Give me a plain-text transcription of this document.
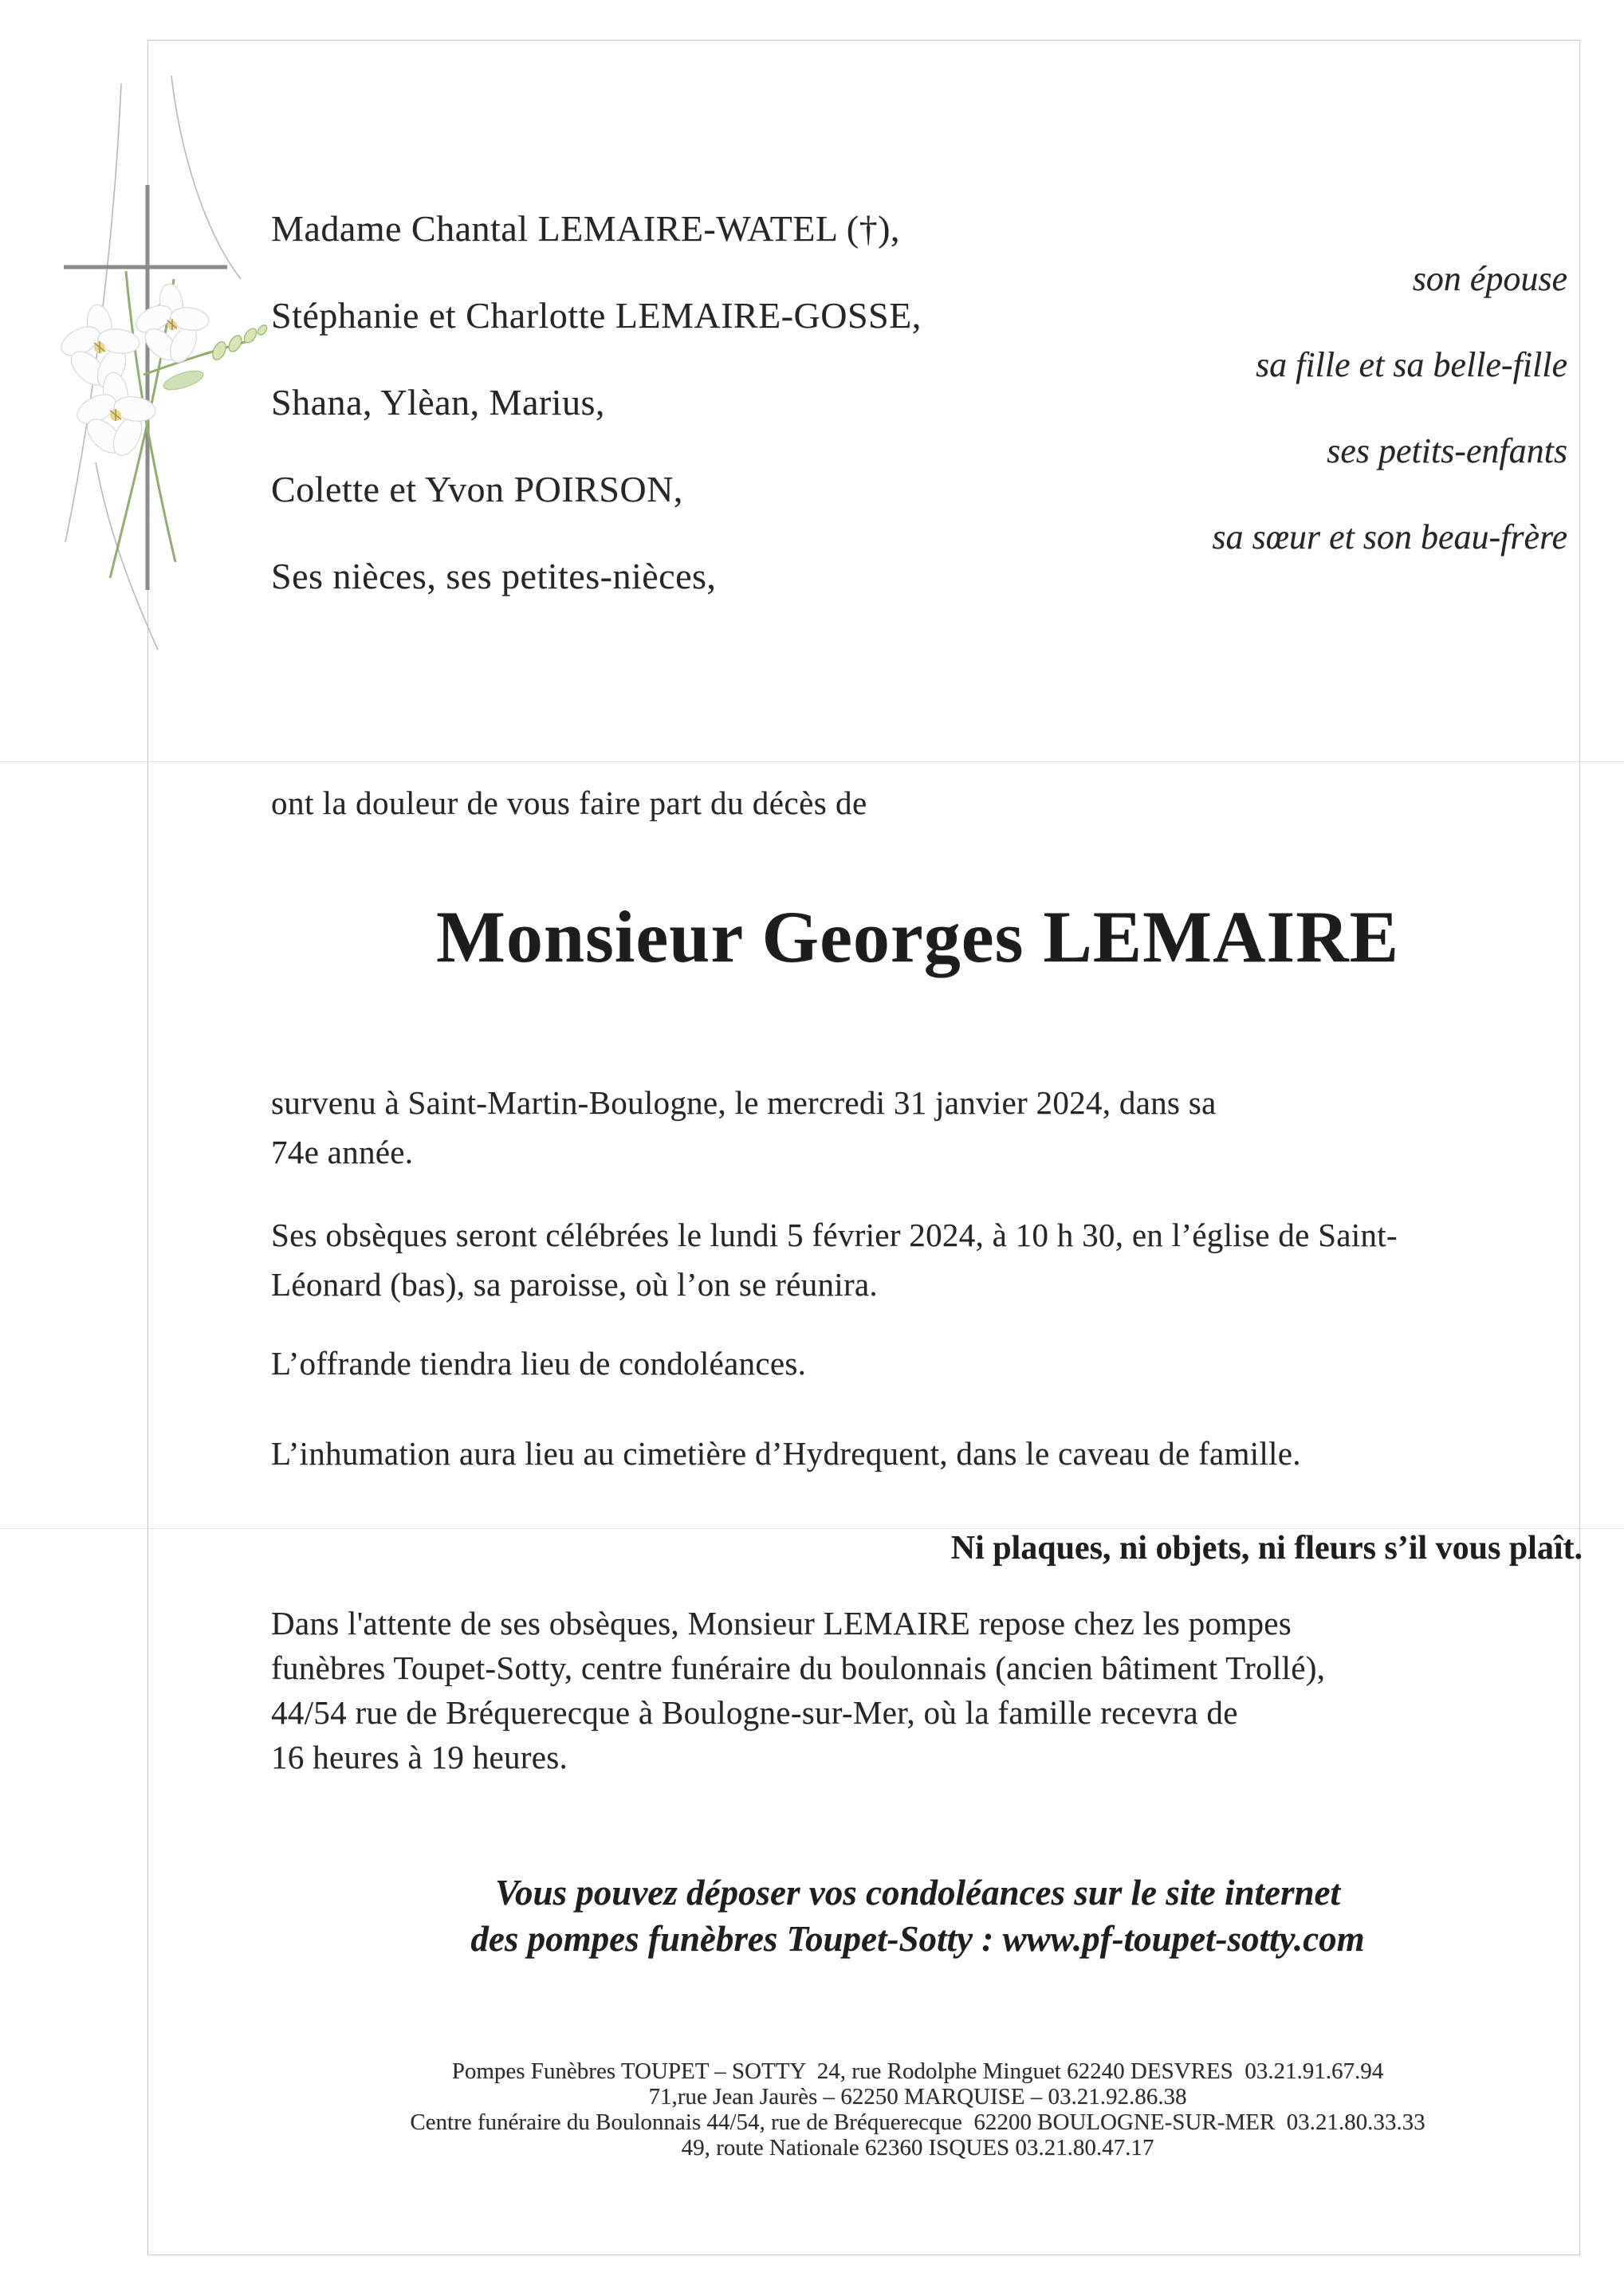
Madame Chantal LEMAIRE-WATEL (†),
Stéphanie et Charlotte LEMAIRE-GOSSE,
Shana, Ylèan, Marius,
Colette et Yvon POIRSON,
Ses nièces, ses petites-nièces,
son épouse
sa fille et sa belle-fille
ses petits-enfants
sa sœur et son beau-frère
ont la douleur de vous faire part du décès de
Monsieur Georges LEMAIRE
survenu à Saint-Martin-Boulogne, le mercredi 31 janvier 2024, dans sa
74e année.
Ses obsèques seront célébrées le lundi 5 février 2024, à 10 h 30, en l’église de Saint-
Léonard (bas), sa paroisse, où l’on se réunira.
L’offrande tiendra lieu de condoléances.
L’inhumation aura lieu au cimetière d’Hydrequent, dans le caveau de famille.
Ni plaques, ni objets, ni fleurs s’il vous plaît.
Dans l'attente de ses obsèques, Monsieur LEMAIRE repose chez les pompes
funèbres Toupet-Sotty, centre funéraire du boulonnais (ancien bâtiment Trollé),
44/54 rue de Bréquerecque à Boulogne-sur-Mer, où la famille recevra de
16 heures à 19 heures.
Vous pouvez déposer vos condoléances sur le site internet
des pompes funèbres Toupet-Sotty : www.pf-toupet-sotty.com
Pompes Funèbres TOUPET – SOTTY  24, rue Rodolphe Minguet 62240 DESVRES  03.21.91.67.94
71,rue Jean Jaurès – 62250 MARQUISE – 03.21.92.86.38
Centre funéraire du Boulonnais 44/54, rue de Bréquerecque  62200 BOULOGNE-SUR-MER  03.21.80.33.33
49, route Nationale 62360 ISQUES 03.21.80.47.17
